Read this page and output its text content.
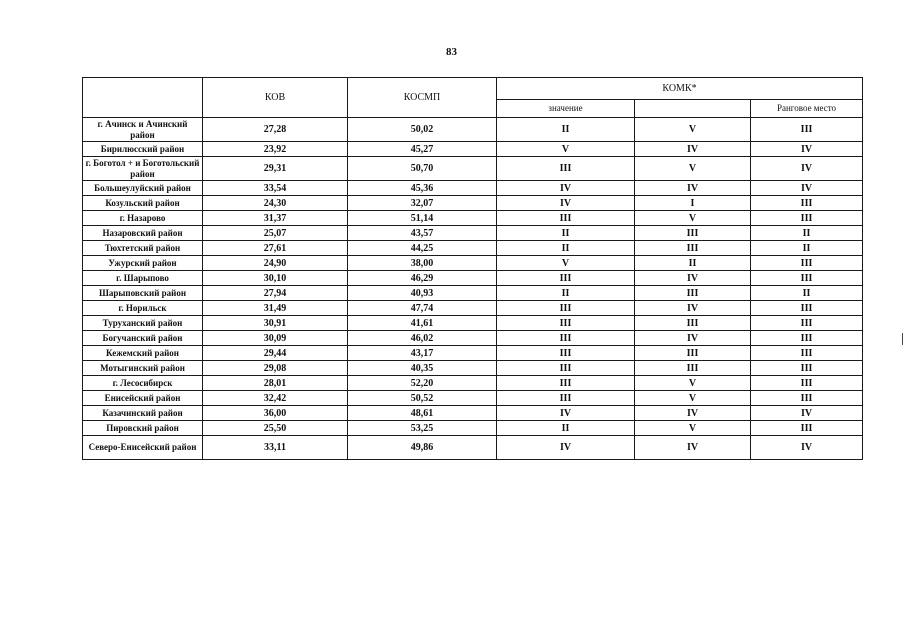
83
	КОВ	КОСМП	КОМК*		
			значение		Ранговое место
г. Ачинск и Ачинский район	27,28	50,02	II	V	III
Бирилюсский район	23,92	45,27	V	IV	IV
г. Боготол + и Боготольский район	29,31	50,70	III	V	IV
Большеулуйский район	33,54	45,36	IV	IV	IV
Козульский район	24,30	32,07	IV	I	III
г. Назарово	31,37	51,14	III	V	III
Назаровский район	25,07	43,57	II	III	II
Тюхтетский район	27,61	44,25	II	III	II
Ужурский район	24,90	38,00	V	II	III
г. Шарыпово	30,10	46,29	III	IV	III
Шарыповский район	27,94	40,93	II	III	II
г. Норильск	31,49	47,74	III	IV	III
Туруханский район	30,91	41,61	III	III	III
Богучанский район	30,09	46,02	III	IV	III
Кежемский район	29,44	43,17	III	III	III
Мотыгинский район	29,08	40,35	III	III	III
г. Лесосибирск	28,01	52,20	III	V	III
Енисейский район	32,42	50,52	III	V	III
Казачинский район	36,00	48,61	IV	IV	IV
Пировский район	25,50	53,25	II	V	III
Северо-Енисейский район	33,11	49,86	IV	IV	IV
